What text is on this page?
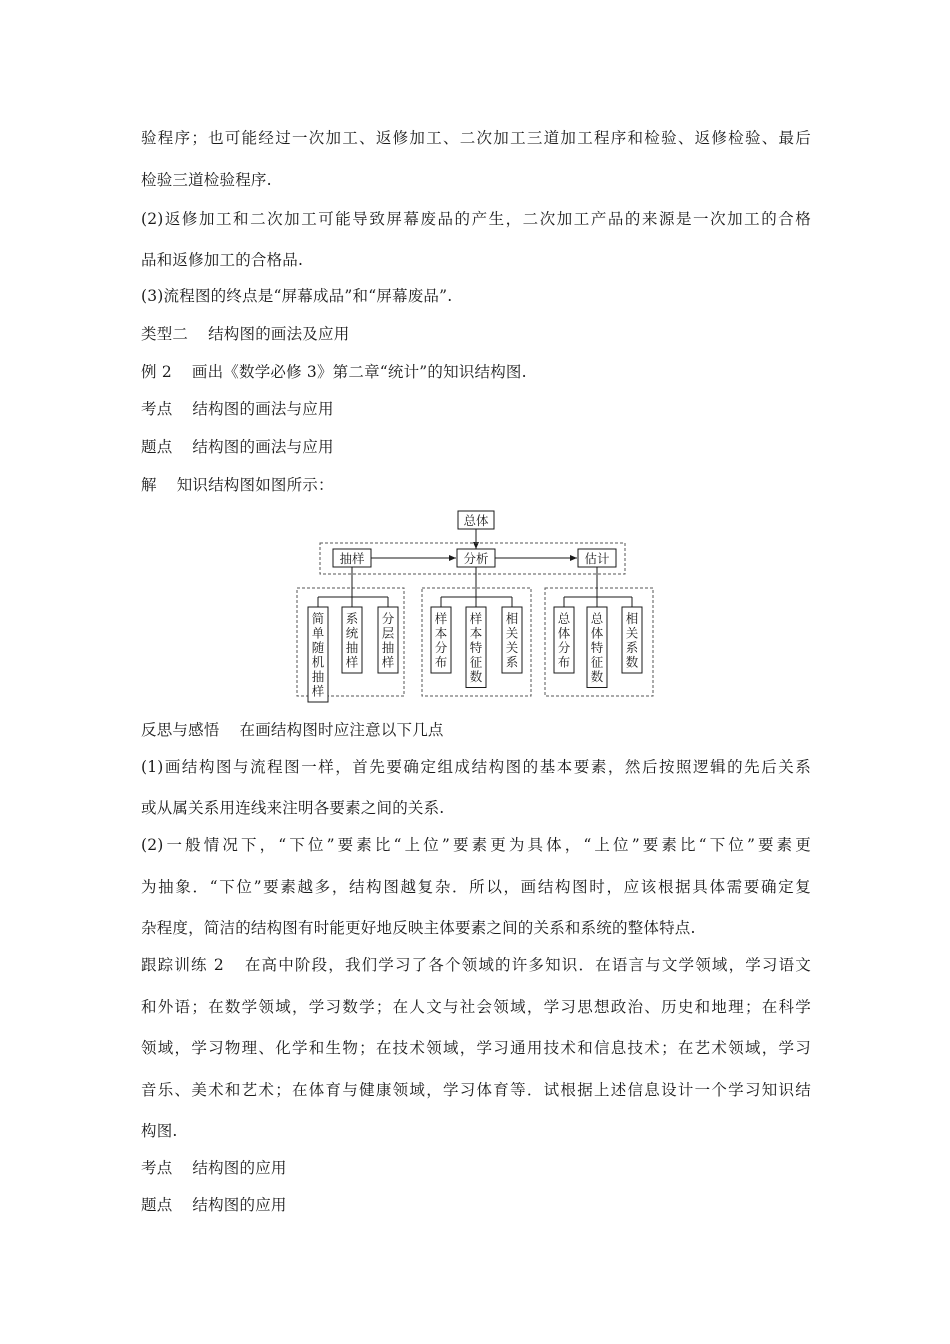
验程序；也可能经过一次加工、返修加工、二次加工三道加工程序和检验、返修检验、最后
检验三道检验程序.
(2)返修加工和二次加工可能导致屏幕废品的产生，二次加工产品的来源是一次加工的合格
品和返修加工的合格品.
(3)流程图的终点是“屏幕成品”和“屏幕废品”.
类型二 结构图的画法及应用
例 2 画出《数学必修 3》第二章“统计”的知识结构图.
考点 结构图的画法与应用
题点 结构图的画法与应用
解 知识结构图如图所示：
总体
抽样	分析	估计
简单随机抽样
系统抽样
分层抽样
样本分布
样本特征数
相关关系
总体分布
总体特征数
相关系数
反思与感悟 在画结构图时应注意以下几点
(1)画结构图与流程图一样，首先要确定组成结构图的基本要素，然后按照逻辑的先后关系
或从属关系用连线来注明各要素之间的关系.
(2)一般情况下，“下位”要素比“上位”要素更为具体，“上位”要素比“下位”要素更
为抽象．“下位”要素越多，结构图越复杂．所以，画结构图时，应该根据具体需要确定复
杂程度，简洁的结构图有时能更好地反映主体要素之间的关系和系统的整体特点.
跟踪训练 2 在高中阶段，我们学习了各个领域的许多知识．在语言与文学领域，学习语文
和外语；在数学领域，学习数学；在人文与社会领域，学习思想政治、历史和地理；在科学
领域，学习物理、化学和生物；在技术领域，学习通用技术和信息技术；在艺术领域，学习
音乐、美术和艺术；在体育与健康领域，学习体育等．试根据上述信息设计一个学习知识结
构图.
考点 结构图的应用
题点 结构图的应用
